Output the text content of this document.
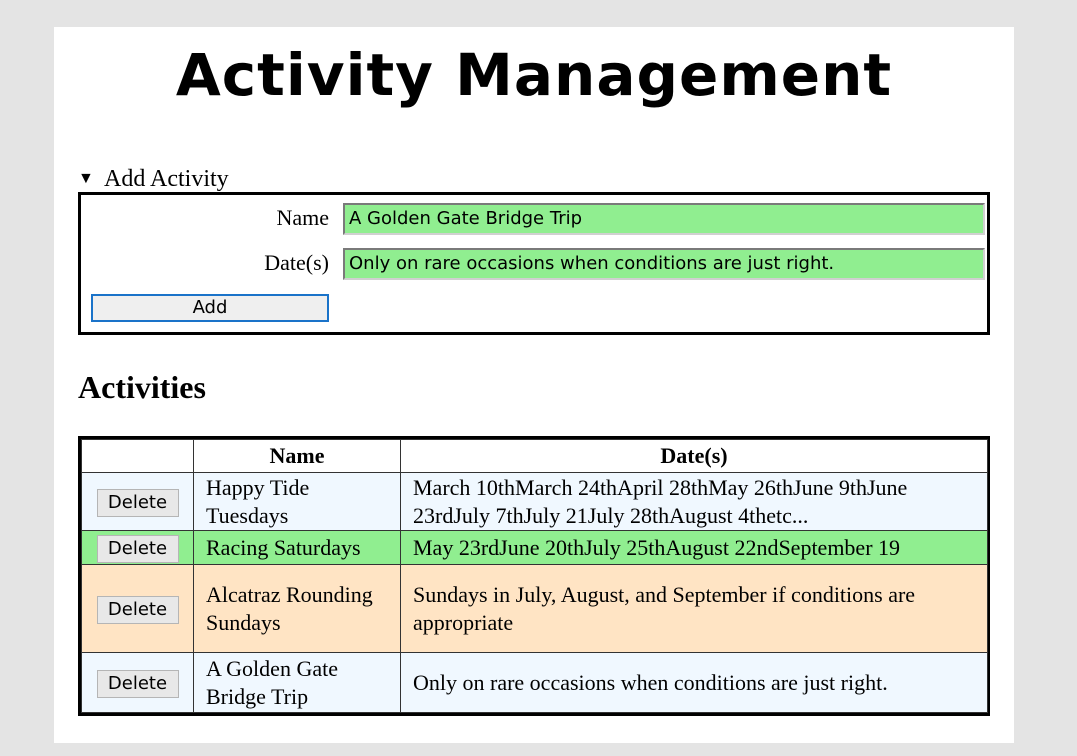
Activity Management
▼ Add Activity
Name	A Golden Gate Bridge Trip
Date(s)	Only on rare occasions when conditions are just right.
Add
Activities
	Name	Date(s)
Delete	Happy Tide Tuesdays	March 10thMarch 24thApril 28thMay 26thJune 9thJune 23rdJuly 7thJuly 21July 28thAugust 4thetc...
Delete	Racing Saturdays	May 23rdJune 20thJuly 25thAugust 22ndSeptember 19
Delete	Alcatraz Rounding Sundays	Sundays in July, August, and September if conditions are appropriate
Delete	A Golden Gate Bridge Trip	Only on rare occasions when conditions are just right.
